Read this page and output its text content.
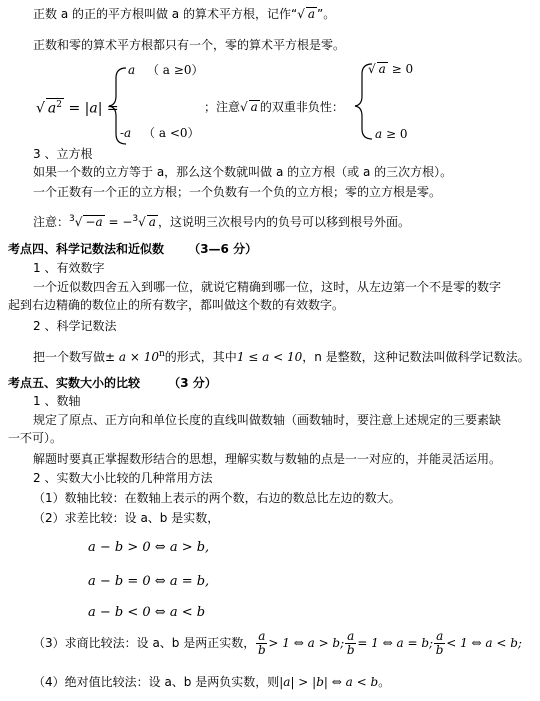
正数 a 的正的平方根叫做 a 的算术平方根，记作“√ a ”。
正数和零的算术平方根都只有一个，零的算术平方根是零。
√ $a^2 = |a|$ =
a （ a ≥0）
-a （ a <0）
；注意√ a 的双重非负性：
√ a ≥ 0
a ≥ 0
3 、立方根
如果一个数的立方等于 a，那么这个数就叫做 a 的立方根（或 a 的三次方根）。
一个正数有一个正的立方根；一个负数有一个负的立方根；零的立方根是零。
注意：$^3$√ −a = −$^3$√ a ，这说明三次根号内的负号可以移到根号外面。
考点四、科学记数法和近似数 （3—6 分）
1 、有效数字
一个近似数四舍五入到哪一位，就说它精确到哪一位，这时，从左边第一个不是零的数字
起到右边精确的数位止的所有数字，都叫做这个数的有效数字。
2 、科学记数法
把一个数写做± $a \times 10^n$的形式，其中1 ≤ a < 10，n 是整数，这种记数法叫做科学记数法。
考点五、实数大小的比较 （3 分）
1 、数轴
规定了原点、正方向和单位长度的直线叫做数轴（画数轴时，要注意上述规定的三要素缺
一不可）。
解题时要真正掌握数形结合的思想，理解实数与数轴的点是一一对应的，并能灵活运用。
2 、实数大小比较的几种常用方法
（1）数轴比较：在数轴上表示的两个数，右边的数总比左边的数大。
（2）求差比较：设 a、b 是实数，
a − b > 0 ⇔ a > b,
a − b = 0 ⇔ a = b,
a − b < 0 ⇔ a < b
（3）求商比较法：设 a、b 是两正实数， $\frac{a}{b} > 1$ ⇔ a > b; $\frac{a}{b} = 1$ ⇔ a = b; $\frac{a}{b} < 1$ ⇔ a < b;
（4）绝对值比较法：设 a、b 是两负实数，则|a| > |b| ⇔ a < b。
